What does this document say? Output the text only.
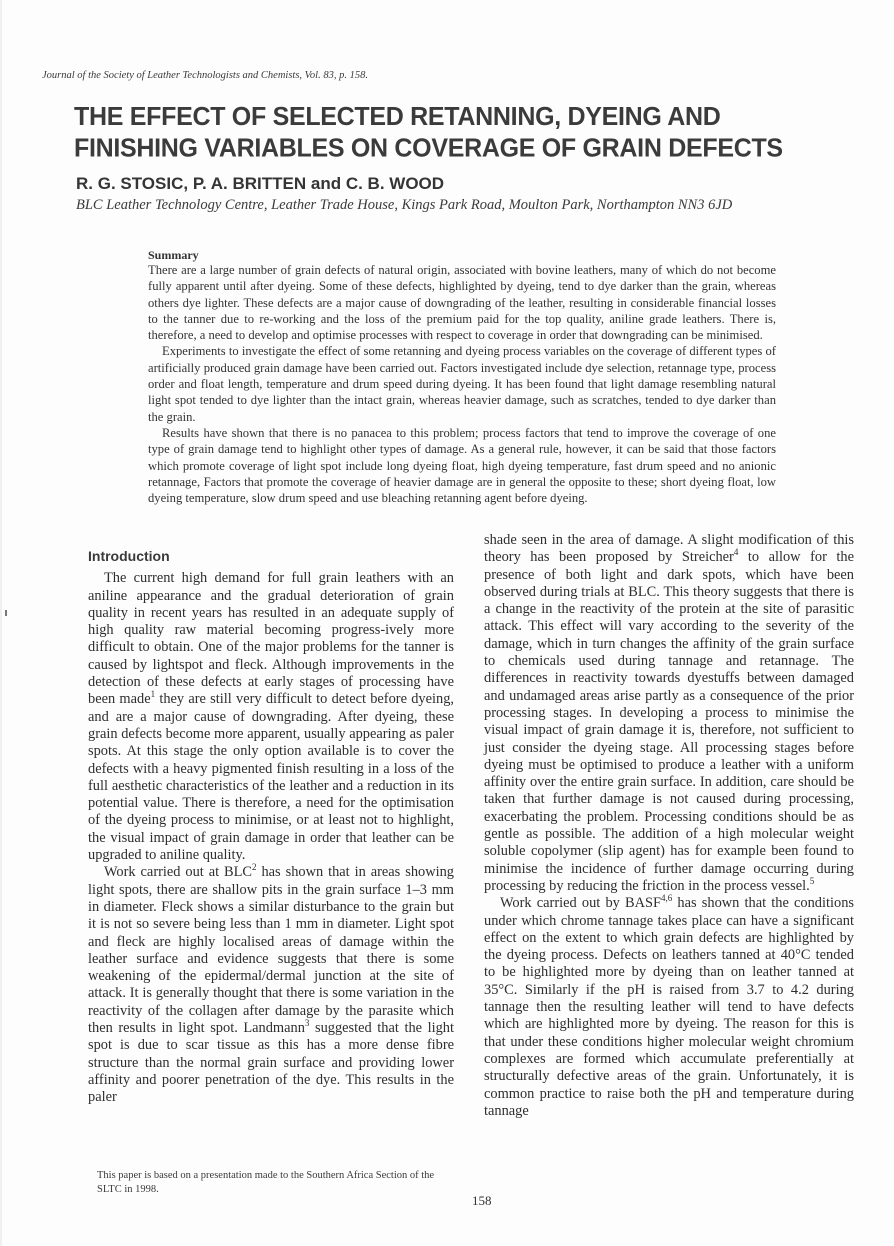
Journal of the Society of Leather Technologists and Chemists, Vol. 83, p. 158.
THE EFFECT OF SELECTED RETANNING, DYEING AND FINISHING VARIABLES ON COVERAGE OF GRAIN DEFECTS
R. G. STOSIC, P. A. BRITTEN and C. B. WOOD
BLC Leather Technology Centre, Leather Trade House, Kings Park Road, Moulton Park, Northampton NN3 6JD
Summary

There are a large number of grain defects of natural origin, associated with bovine leathers, many of which do not become fully apparent until after dyeing. Some of these defects, highlighted by dyeing, tend to dye darker than the grain, whereas others dye lighter. These defects are a major cause of downgrading of the leather, resulting in considerable financial losses to the tanner due to re-working and the loss of the premium paid for the top quality, aniline grade leathers. There is, therefore, a need to develop and optimise processes with respect to coverage in order that downgrading can be minimised.

Experiments to investigate the effect of some retanning and dyeing process variables on the coverage of different types of artificially produced grain damage have been carried out. Factors investigated include dye selection, retannage type, process order and float length, temperature and drum speed during dyeing. It has been found that light damage resembling natural light spot tended to dye lighter than the intact grain, whereas heavier damage, such as scratches, tended to dye darker than the grain.

Results have shown that there is no panacea to this problem; process factors that tend to improve the coverage of one type of grain damage tend to highlight other types of damage. As a general rule, however, it can be said that those factors which promote coverage of light spot include long dyeing float, high dyeing temperature, fast drum speed and no anionic retannage, Factors that promote the coverage of heavier damage are in general the opposite to these; short dyeing float, low dyeing temperature, slow drum speed and use bleaching retanning agent before dyeing.

Introduction

The current high demand for full grain leathers with an aniline appearance and the gradual deterioration of grain quality in recent years has resulted in an adequate supply of high quality raw material becoming progress-ively more difficult to obtain. One of the major problems for the tanner is caused by lightspot and fleck. Although improvements in the detection of these defects at early stages of processing have been made$^1$ they are still very difficult to detect before dyeing, and are a major cause of downgrading. After dyeing, these grain defects become more apparent, usually appearing as paler spots. At this stage the only option available is to cover the defects with a heavy pigmented finish resulting in a loss of the full aesthetic characteristics of the leather and a reduction in its potential value. There is therefore, a need for the optimisation of the dyeing process to minimise, or at least not to highlight, the visual impact of grain damage in order that leather can be upgraded to aniline quality.

Work carried out at BLC$^2$ has shown that in areas showing light spots, there are shallow pits in the grain surface 1–3 mm in diameter. Fleck shows a similar disturbance to the grain but it is not so severe being less than 1 mm in diameter. Light spot and fleck are highly localised areas of damage within the leather surface and evidence suggests that there is some weakening of the epidermal/dermal junction at the site of attack. It is generally thought that there is some variation in the reactivity of the collagen after damage by the parasite which then results in light spot. Landmann$^3$ suggested that the light spot is due to scar tissue as this has a more dense fibre structure than the normal grain surface and providing lower affinity and poorer penetration of the dye. This results in the paler

shade seen in the area of damage. A slight modification of this theory has been proposed by Streicher$^4$ to allow for the presence of both light and dark spots, which have been observed during trials at BLC. This theory suggests that there is a change in the reactivity of the protein at the site of parasitic attack. This effect will vary according to the severity of the damage, which in turn changes the affinity of the grain surface to chemicals used during tannage and retannage. The differences in reactivity towards dyestuffs between damaged and undamaged areas arise partly as a consequence of the prior processing stages. In developing a process to minimise the visual impact of grain damage it is, therefore, not sufficient to just consider the dyeing stage. All processing stages before dyeing must be optimised to produce a leather with a uniform affinity over the entire grain surface. In addition, care should be taken that further damage is not caused during processing, exacerbating the problem. Processing conditions should be as gentle as possible. The addition of a high molecular weight soluble copolymer (slip agent) has for example been found to minimise the incidence of further damage occurring during processing by reducing the friction in the process vessel.$^5$

Work carried out by BASF$^{4,6}$ has shown that the conditions under which chrome tannage takes place can have a significant effect on the extent to which grain defects are highlighted by the dyeing process. Defects on leathers tanned at 40°C tended to be highlighted more by dyeing than on leather tanned at 35°C. Similarly if the pH is raised from 3.7 to 4.2 during tannage then the resulting leather will tend to have defects which are highlighted more by dyeing. The reason for this is that under these conditions higher molecular weight chromium complexes are formed which accumulate preferentially at structurally defective areas of the grain. Unfortunately, it is common practice to raise both the pH and temperature during tannage

This paper is based on a presentation made to the Southern Africa Section of the SLTC in 1998.
158
